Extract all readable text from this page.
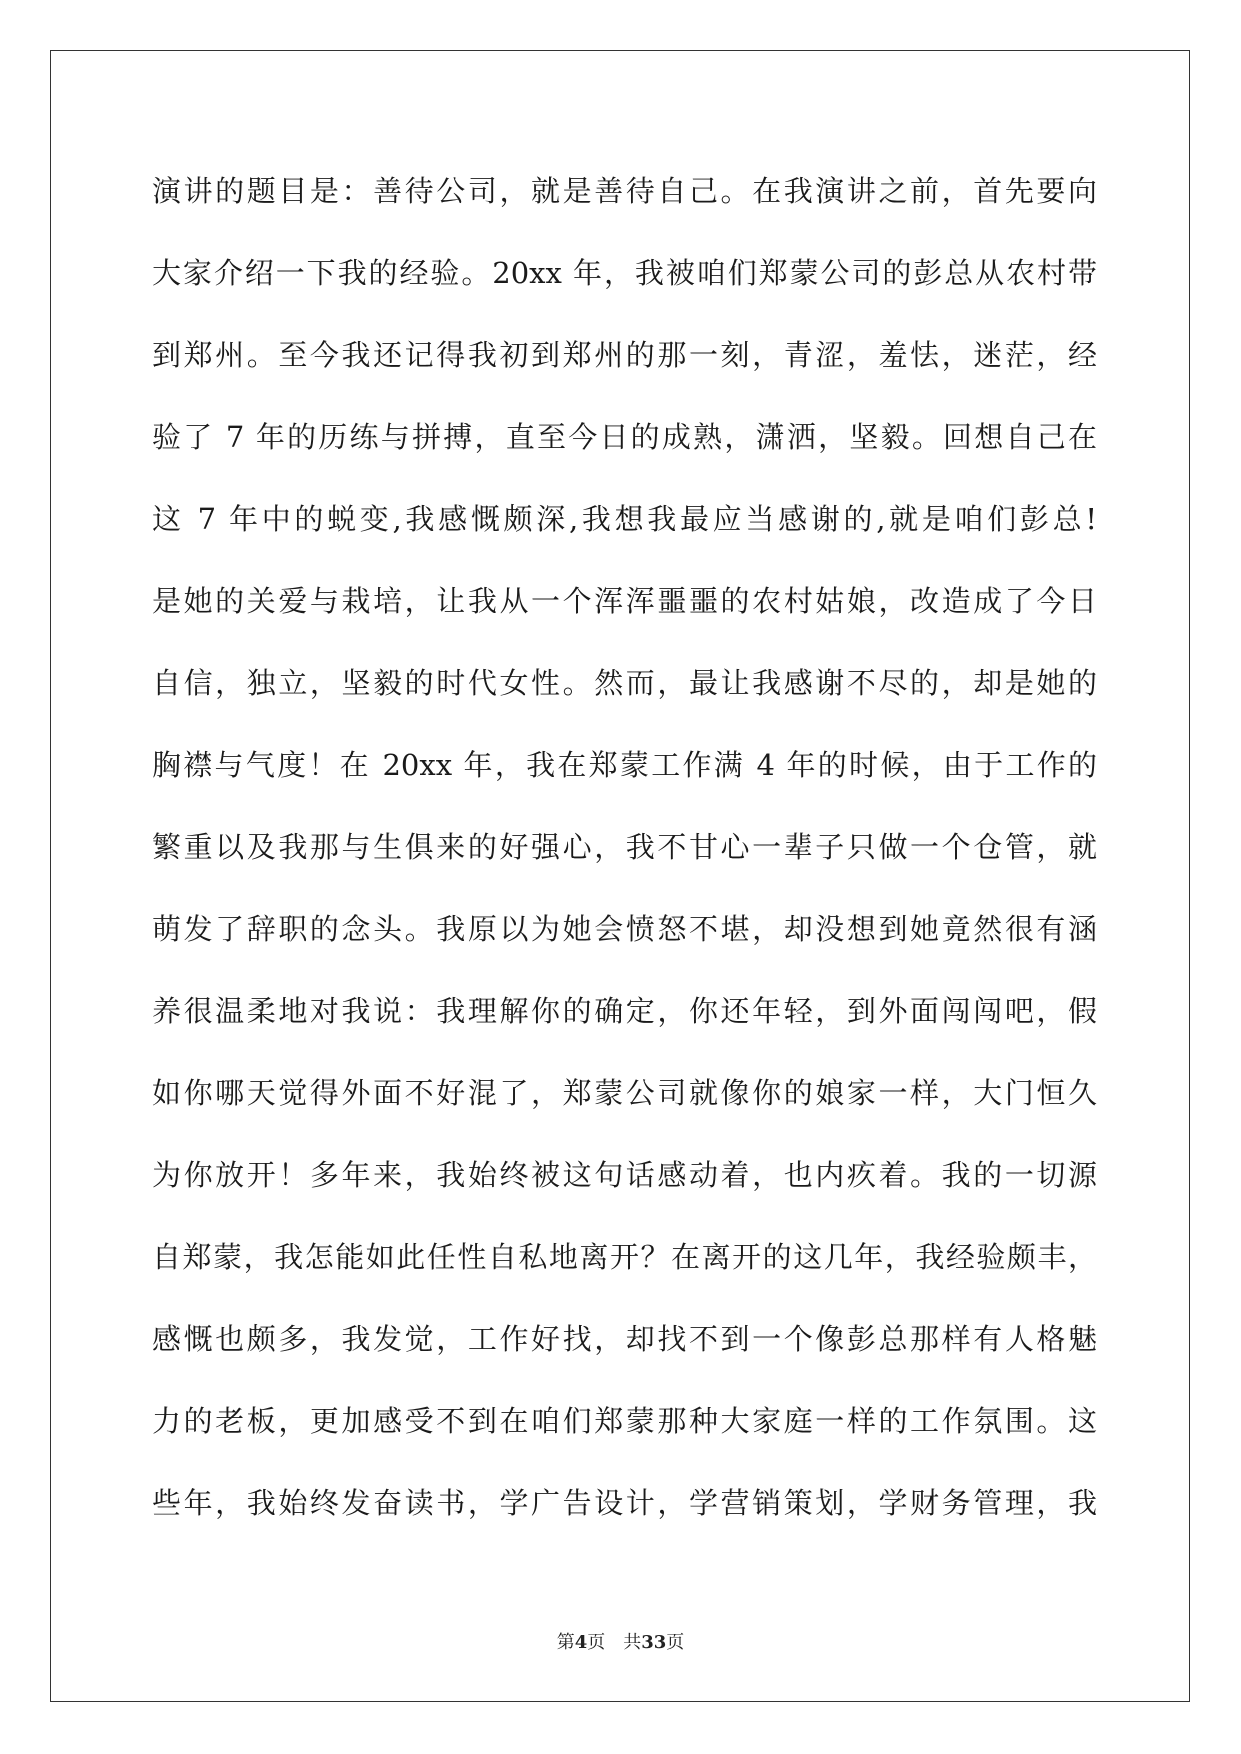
演讲的题目是：善待公司，就是善待自己。在我演讲之前，首先要向
大家介绍一下我的经验。20xx 年，我被咱们郑蒙公司的彭总从农村带
到郑州。至今我还记得我初到郑州的那一刻，青涩，羞怯，迷茫，经
验了 7 年的历练与拼搏，直至今日的成熟，潇洒，坚毅。回想自己在
这 7 年中的蜕变,我感慨颇深,我想我最应当感谢的,就是咱们彭总!
是她的关爱与栽培，让我从一个浑浑噩噩的农村姑娘，改造成了今日
自信，独立，坚毅的时代女性。然而，最让我感谢不尽的，却是她的
胸襟与气度！在 20xx 年，我在郑蒙工作满 4 年的时候，由于工作的
繁重以及我那与生俱来的好强心，我不甘心一辈子只做一个仓管，就
萌发了辞职的念头。我原以为她会愤怒不堪，却没想到她竟然很有涵
养很温柔地对我说：我理解你的确定，你还年轻，到外面闯闯吧，假
如你哪天觉得外面不好混了，郑蒙公司就像你的娘家一样，大门恒久
为你放开！多年来，我始终被这句话感动着，也内疚着。我的一切源
自郑蒙，我怎能如此任性自私地离开？在离开的这几年，我经验颇丰，
感慨也颇多，我发觉，工作好找，却找不到一个像彭总那样有人格魅
力的老板，更加感受不到在咱们郑蒙那种大家庭一样的工作氛围。这
些年，我始终发奋读书，学广告设计，学营销策划，学财务管理，我
第4页　共33页
